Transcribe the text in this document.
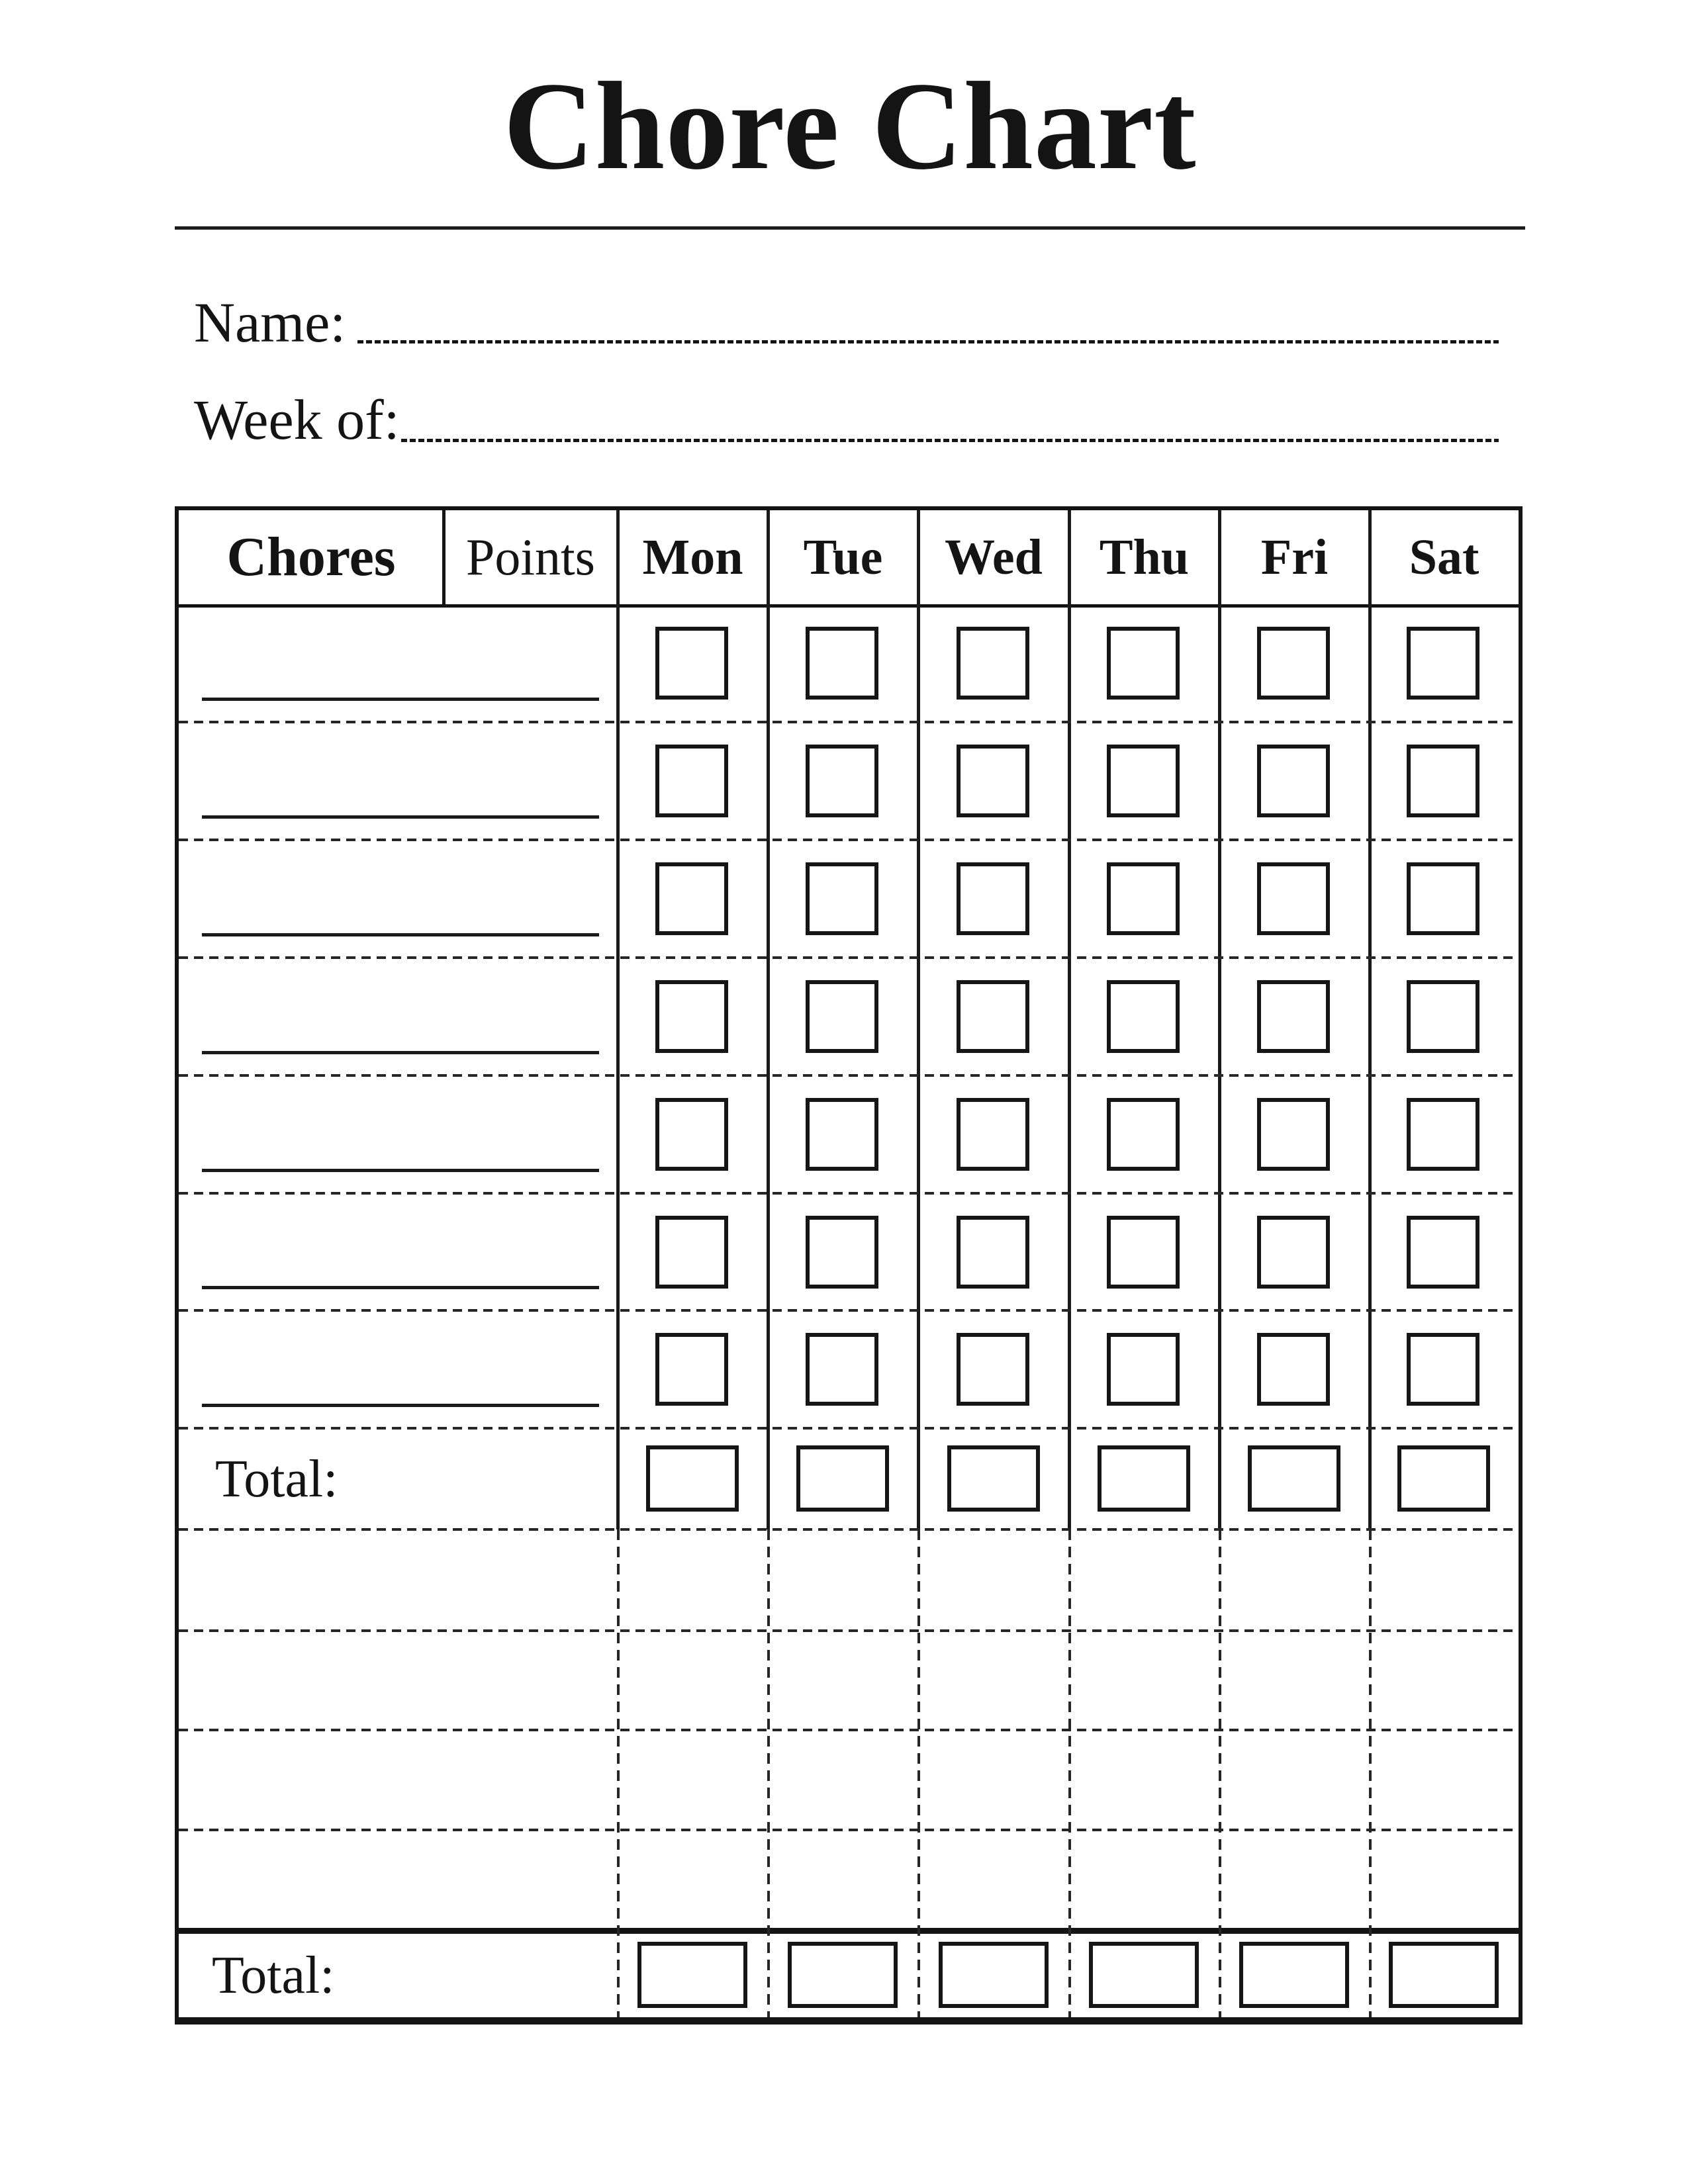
Chore Chart
Name:
Week of:
Chores	Points Mon	Tue	Wed	Thu	Fri	Sat
Total:
Total:
